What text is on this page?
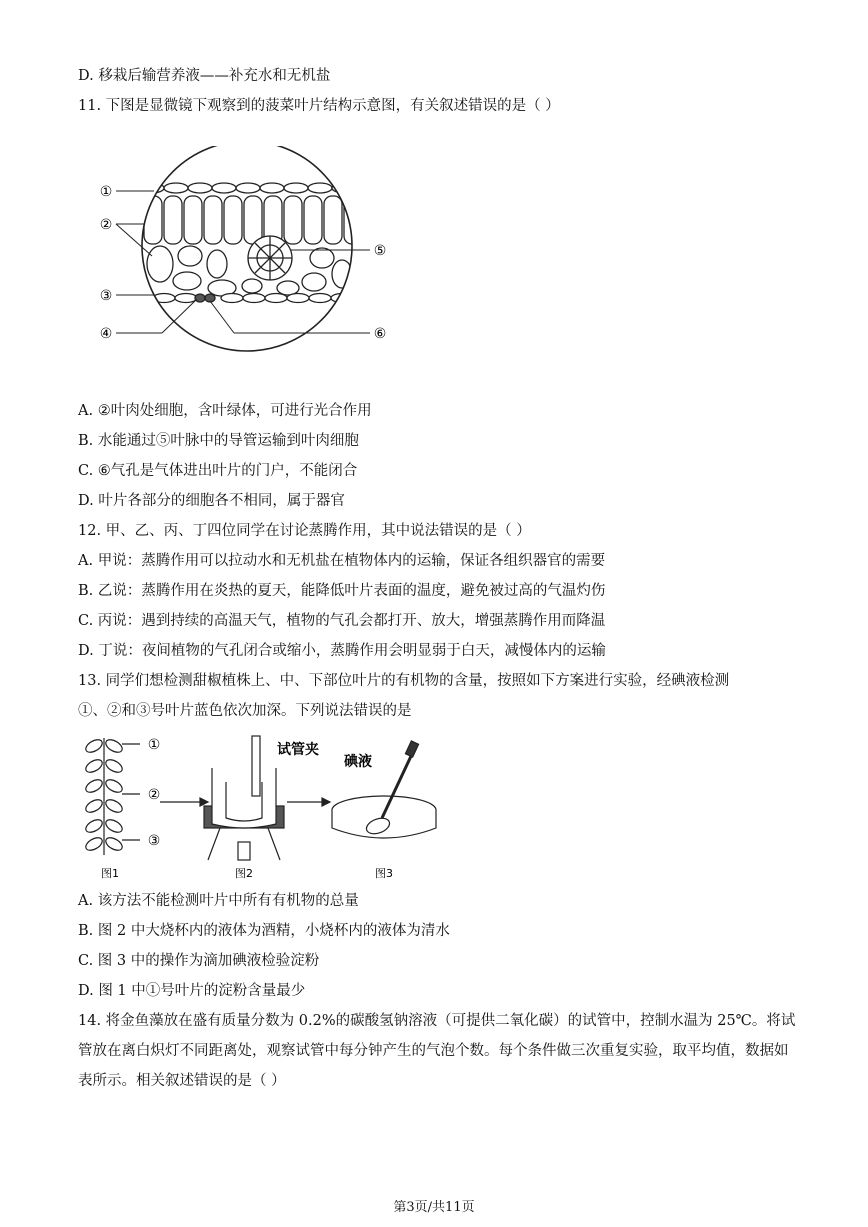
D. 移栽后输营养液——补充水和无机盐
11. 下图是显微镜下观察到的菠菜叶片结构示意图，有关叙述错误的是（ ）
①
②
③
④
⑤
⑥
A. ②叶肉处细胞，含叶绿体，可进行光合作用
B. 水能通过⑤叶脉中的导管运输到叶肉细胞
C. ⑥气孔是气体进出叶片的门户，不能闭合
D. 叶片各部分的细胞各不相同，属于器官
12. 甲、乙、丙、丁四位同学在讨论蒸腾作用，其中说法错误的是（ ）
A. 甲说：蒸腾作用可以拉动水和无机盐在植物体内的运输，保证各组织器官的需要
B. 乙说：蒸腾作用在炎热的夏天，能降低叶片表面的温度，避免被过高的气温灼伤
C. 丙说：遇到持续的高温天气，植物的气孔会都打开、放大，增强蒸腾作用而降温
D. 丁说：夜间植物的气孔闭合或缩小，蒸腾作用会明显弱于白天，减慢体内的运输
13. 同学们想检测甜椒植株上、中、下部位叶片的有机物的含量，按照如下方案进行实验，经碘液检测
①、②和③号叶片蓝色依次加深。下列说法错误的是
①
②
③
试管夹
碘液
图1	图2	图3
A. 该方法不能检测叶片中所有有机物的总量
B. 图 2 中大烧杯内的液体为酒精，小烧杯内的液体为清水
C. 图 3 中的操作为滴加碘液检验淀粉
D. 图 1 中①号叶片的淀粉含量最少
14. 将金鱼藻放在盛有质量分数为 0.2%的碳酸氢钠溶液（可提供二氧化碳）的试管中，控制水温为 25℃。将试管放在离白炽灯不同距离处，观察试管中每分钟产生的气泡个数。每个条件做三次重复实验，取平均值，数据如表所示。相关叙述错误的是（ ）
第3页/共11页
